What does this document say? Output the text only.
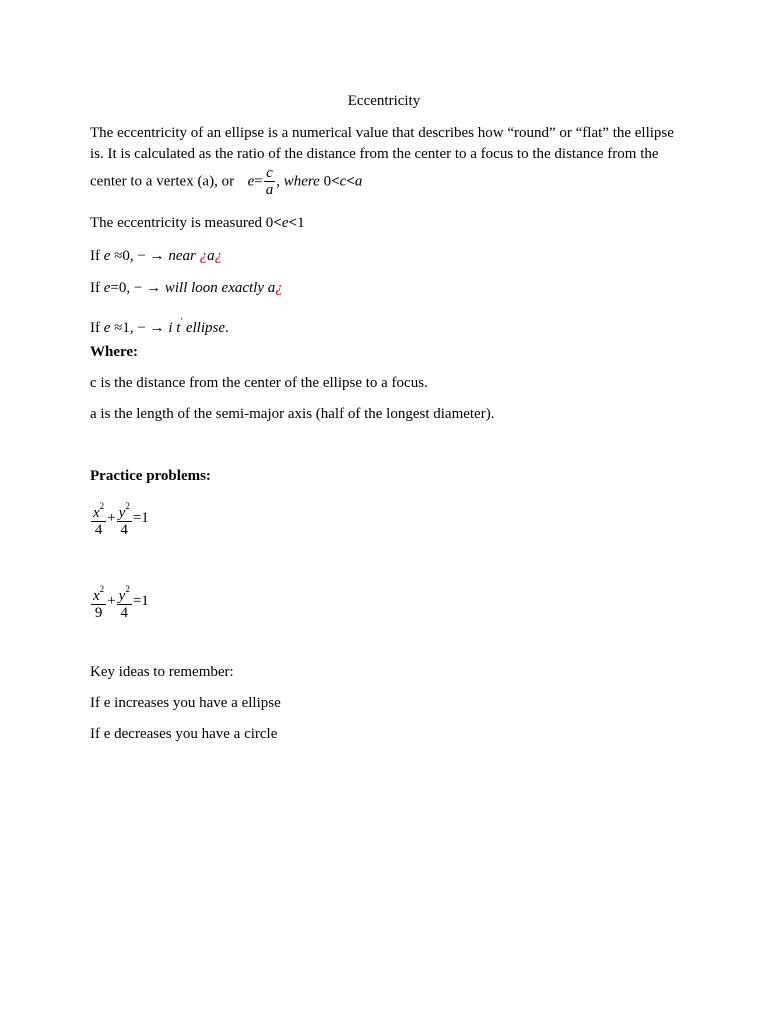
Eccentricity
The eccentricity of an ellipse is a numerical value that describes how “round” or “flat” the ellipse is. It is calculated as the ratio of the distance from the center to a focus to the distance from the
center to a vertex (a), or $e= \frac{c}{a}$ , where 0<c<a
The eccentricity is measured 0<e<1
If e ≈0, − → near ¿a¿
If e=0, − → will loon exactly a¿
If e ≈1, − → i t' ellipse.
Where:
c is the distance from the center of the ellipse to a focus.
a is the length of the semi-major axis (half of the longest diameter).
Practice problems:
$\frac{x^2}{4} + \frac{y^2}{4} =1$
$\frac{x^2}{9} + \frac{y^2}{4} =1$
Key ideas to remember:
If e increases you have a ellipse
If e decreases you have a circle
